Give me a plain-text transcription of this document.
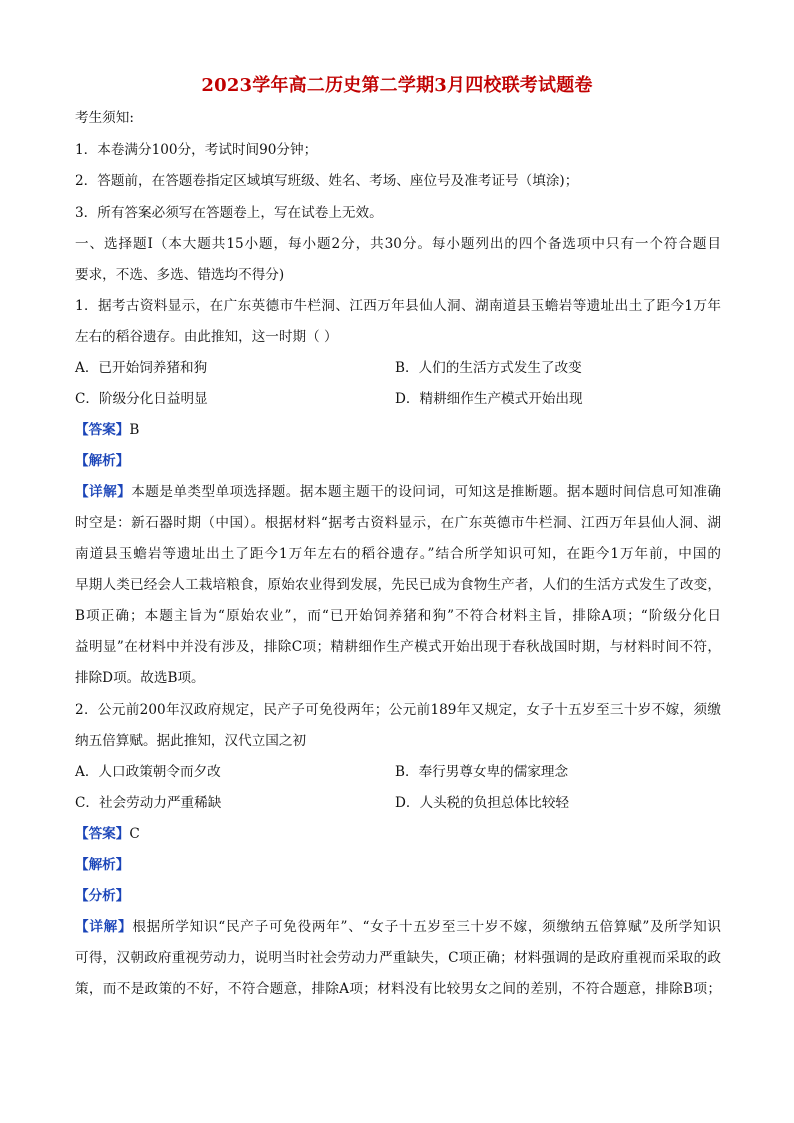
2023学年高二历史第二学期3月四校联考试题卷
考生须知:
1．本卷满分100分，考试时间90分钟；
2．答题前，在答题卷指定区域填写班级、姓名、考场、座位号及准考证号（填涂)；
3．所有答案必须写在答题卷上，写在试卷上无效。
一、选择题Ⅰ（本大题共15小题，每小题2分，共30分。每小题列出的四个备选项中只有一个符合题目
要求，不选、多选、错选均不得分)
1．据考古资料显示，在广东英德市牛栏洞、江西万年县仙人洞、湖南道县玉蟾岩等遗址出土了距今1万年
左右的稻谷遗存。由此推知，这一时期（ ）
A．已开始饲养猪和狗	B．人们的生活方式发生了改变
C．阶级分化日益明显	D．精耕细作生产模式开始出现
【答案】B
【解析】
【详解】本题是单类型单项选择题。据本题主题干的设问词，可知这是推断题。据本题时间信息可知准确
时空是：新石器时期（中国）。根据材料“据考古资料显示，在广东英德市牛栏洞、江西万年县仙人洞、湖
南道县玉蟾岩等遗址出土了距今1万年左右的稻谷遗存。”结合所学知识可知，在距今1万年前，中国的
早期人类已经会人工栽培粮食，原始农业得到发展，先民已成为食物生产者，人们的生活方式发生了改变，
B项正确；本题主旨为“原始农业”，而“已开始饲养猪和狗”不符合材料主旨，排除A项；“阶级分化日
益明显”在材料中并没有涉及，排除C项；精耕细作生产模式开始出现于春秋战国时期，与材料时间不符，
排除D项。故选B项。
2．公元前200年汉政府规定，民产子可免役两年；公元前189年又规定，女子十五岁至三十岁不嫁，须缴
纳五倍算赋。据此推知，汉代立国之初
A．人口政策朝令而夕改	B．奉行男尊女卑的儒家理念
C．社会劳动力严重稀缺	D．人头税的负担总体比较轻
【答案】C
【解析】
【分析】
【详解】根据所学知识“民产子可免役两年”、“女子十五岁至三十岁不嫁，须缴纳五倍算赋”及所学知识
可得，汉朝政府重视劳动力，说明当时社会劳动力严重缺失，C项正确；材料强调的是政府重视而采取的政
策，而不是政策的不好，不符合题意，排除A项；材料没有比较男女之间的差别，不符合题意，排除B项；
